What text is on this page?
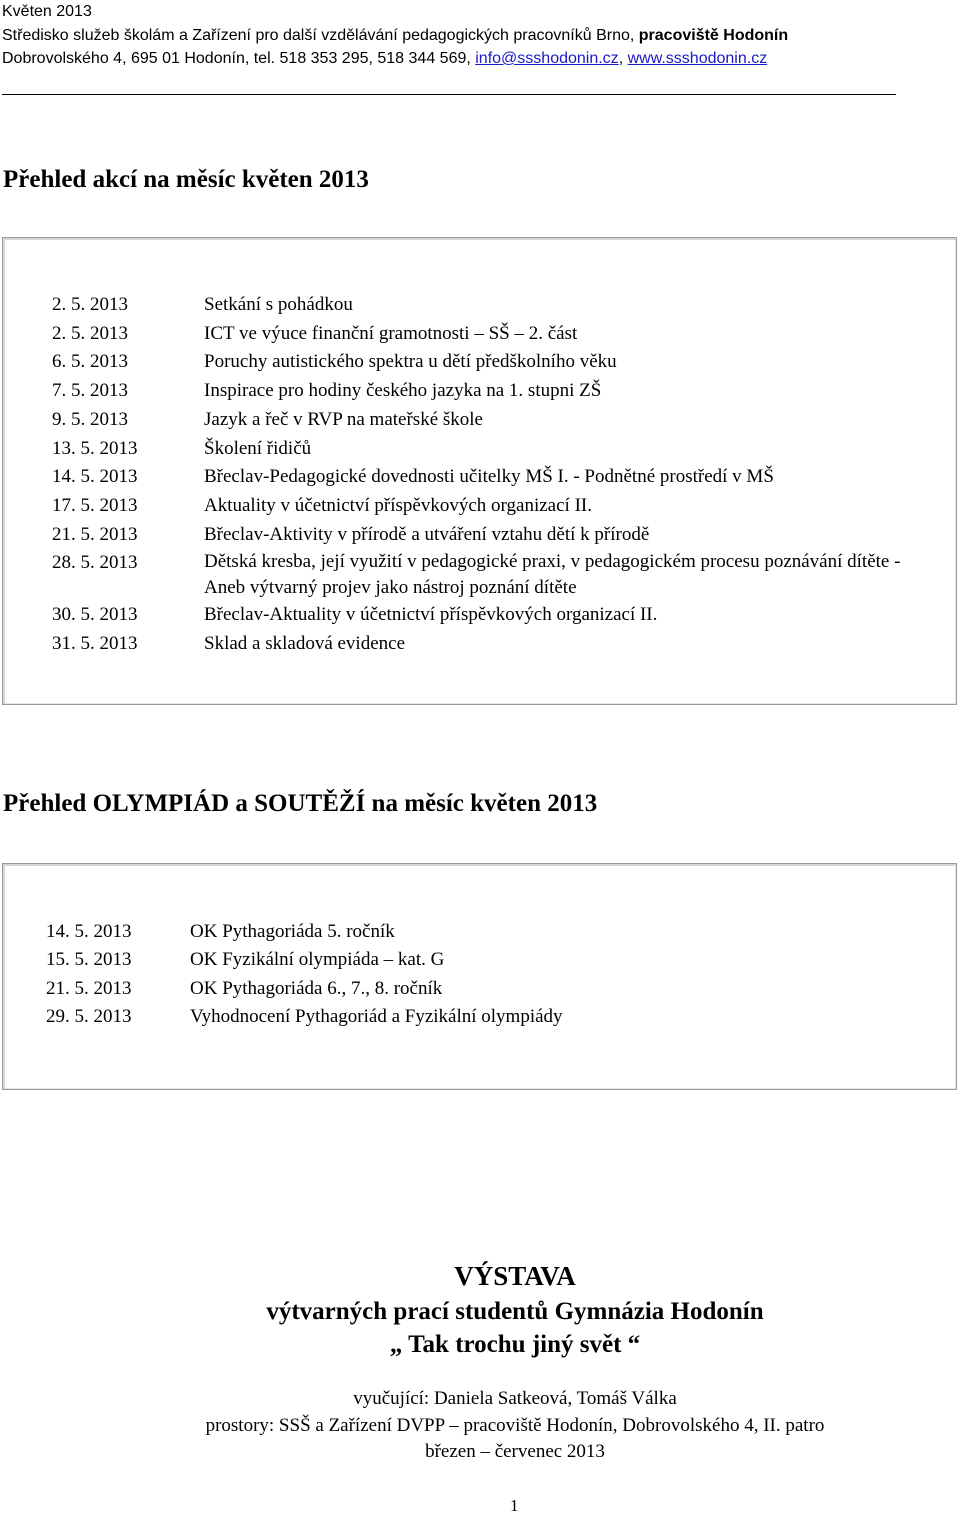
Květen 2013
Středisko služeb školám a Zařízení pro další vzdělávání pedagogických pracovníků Brno, pracoviště Hodonín
Dobrovolského 4, 695 01 Hodonín, tel. 518 353 295, 518 344 569, info@ssshodonin.cz, www.ssshodonin.cz
Přehled akcí na měsíc květen 2013
2. 5. 2013	Setkání s pohádkou
2. 5. 2013	ICT ve výuce finanční gramotnosti – SŠ – 2. část
6. 5. 2013	Poruchy autistického spektra u dětí předškolního věku
7. 5. 2013	Inspirace pro hodiny českého jazyka na 1. stupni ZŠ
9. 5. 2013	Jazyk a řeč v RVP na mateřské škole
13. 5. 2013	Školení řidičů
14. 5. 2013	Břeclav-Pedagogické dovednosti učitelky MŠ I. - Podnětné prostředí v MŠ
17. 5. 2013	Aktuality v účetnictví příspěvkových organizací II.
21. 5. 2013	Břeclav-Aktivity v přírodě a utváření vztahu dětí k přírodě
28. 5. 2013	Dětská kresba, její využití v pedagogické praxi, v pedagogickém procesu poznávání dítěte - Aneb výtvarný projev jako nástroj poznání dítěte
30. 5. 2013	Břeclav-Aktuality v účetnictví příspěvkových organizací II.
31. 5. 2013	Sklad a skladová evidence
Přehled OLYMPIÁD a SOUTĚŽÍ na měsíc květen 2013
14. 5. 2013	OK Pythagoriáda 5. ročník
15. 5. 2013	OK Fyzikální olympiáda – kat. G
21. 5. 2013	OK Pythagoriáda 6., 7., 8. ročník
29. 5. 2013	Vyhodnocení Pythagoriád a Fyzikální olympiády
VÝSTAVA
výtvarných prací studentů Gymnázia Hodonín
„ Tak trochu jiný svět “
vyučující: Daniela Satkeová, Tomáš Válka
prostory: SSŠ a Zařízení DVPP – pracoviště Hodonín, Dobrovolského 4, II. patro
březen – červenec 2013
1
